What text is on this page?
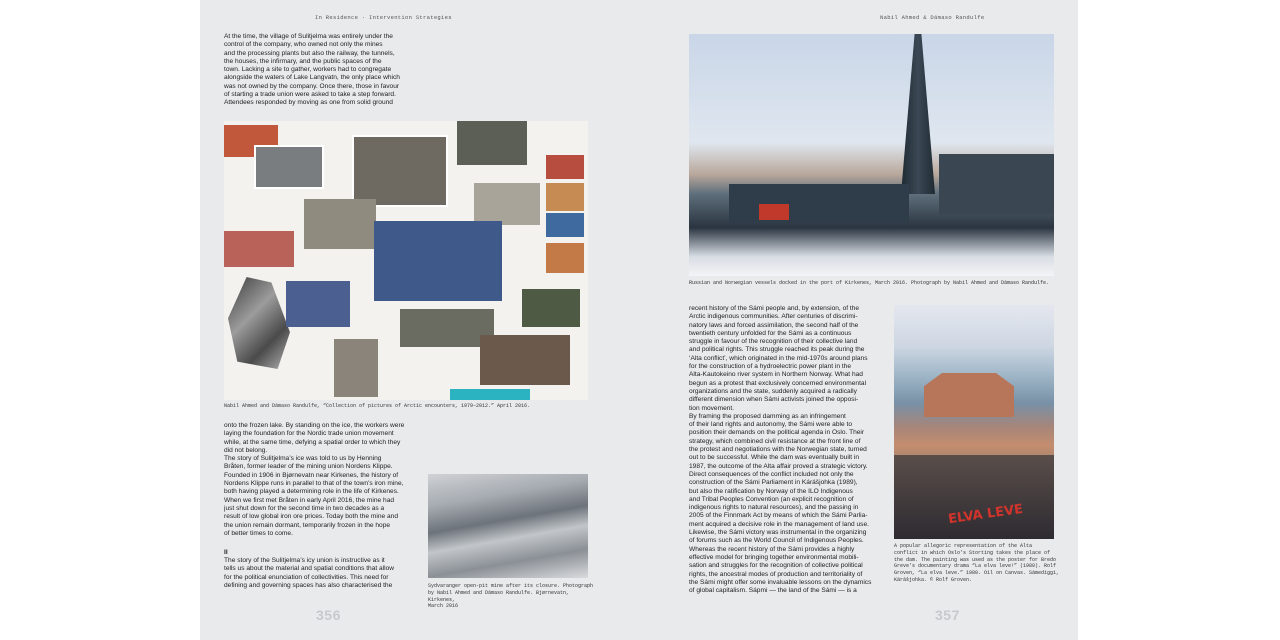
In Residence · Intervention Strategies
At the time, the village of Sulitjelma was entirely under the
control of the company, who owned not only the mines
and the processing plants but also the railway, the tunnels,
the houses, the infirmary, and the public spaces of the
town. Lacking a site to gather, workers had to congregate
alongside the waters of Lake Langvatn, the only place which
was not owned by the company. Once there, those in favour
of starting a trade union were asked to take a step forward.
Attendees responded by moving as one from solid ground
Nabil Ahmed and Dámaso Randulfe, “Collection of pictures of Arctic encounters, 1979–2012.” April 2016.
onto the frozen lake. By standing on the ice, the workers were
laying the foundation for the Nordic trade union movement
while, at the same time, defying a spatial order to which they
did not belong.
The story of Sulitjelma’s ice was told to us by Henning
Bråten, former leader of the mining union Nordens Klippe.
Founded in 1906 in Bjørnevatn near Kirkenes, the history of
Nordens Klippe runs in parallel to that of the town’s iron mine,
both having played a determining role in the life of Kirkenes.
When we first met Bråten in early April 2016, the mine had
just shut down for the second time in two decades as a
result of low global iron ore prices. Today both the mine and
the union remain dormant, temporarily frozen in the hope
of better times to come.
II
The story of the Sulitjelma’s icy union is instructive as it
tells us about the material and spatial conditions that allow
for the political enunciation of collectivities. This need for
defining and governing spaces has also characterised the	Sydvaranger open-pit mine after its closure. Photograph
by Nabil Ahmed and Dámaso Randulfe. Bjørnevatn, Kirkenes,
March 2016
356
Nabil Ahmed & Dámaso Randulfe
Russian and Norwegian vessels docked in the port of Kirkenes, March 2016. Photograph by Nabil Ahmed and Dámaso Randulfe.
recent history of the Sámi people and, by extension, of the
Arctic indigenous communities. After centuries of discrimi-
natory laws and forced assimilation, the second half of the
twentieth century unfolded for the Sámi as a continuous
struggle in favour of the recognition of their collective land
and political rights. This struggle reached its peak during the
‘Alta conflict’, which originated in the mid-1970s around plans
for the construction of a hydroelectric power plant in the
Alta-Kautokeino river system in Northern Norway. What had
begun as a protest that exclusively concerned environmental
organizations and the state, suddenly acquired a radically
different dimension when Sámi activists joined the opposi-
tion movement.
By framing the proposed damming as an infringement
of their land rights and autonomy, the Sámi were able to
position their demands on the political agenda in Oslo. Their
strategy, which combined civil resistance at the front line of
the protest and negotiations with the Norwegian state, turned
out to be successful. While the dam was eventually built in
1987, the outcome of the Alta affair proved a strategic victory.
Direct consequences of the conflict included not only the
construction of the Sámi Parliament in Kárášjohka (1989),
but also the ratification by Norway of the ILO Indigenous
and Tribal Peoples Convention (an explicit recognition of
indigenous rights to natural resources), and the passing in
2005 of the Finnmark Act by means of which the Sámi Parlia-
ment acquired a decisive role in the management of land use.
Likewise, the Sámi victory was instrumental in the organizing
of forums such as the World Council of Indigenous Peoples.
Whereas the recent history of the Sámi provides a highly
effective model for bringing together environmental mobili-
sation and struggles for the recognition of collective political
rights, the ancestral modes of production and territoriality of
the Sámi might offer some invaluable lessons on the dynamics
of global capitalism. Sápmi — the land of the Sámi — is a
ELVA LEVE
A popular allegoric representation of the Alta
conflict in which Oslo’s Storting takes the place of
the dam. The painting was used as the poster for Bredo
Greve’s documentary drama “La elva leve!” (1980). Rolf
Groven, “La elva leve.” 1980. Oil on Canvas. Sámediggi,
Kárášjohka. © Rolf Groven.
357
